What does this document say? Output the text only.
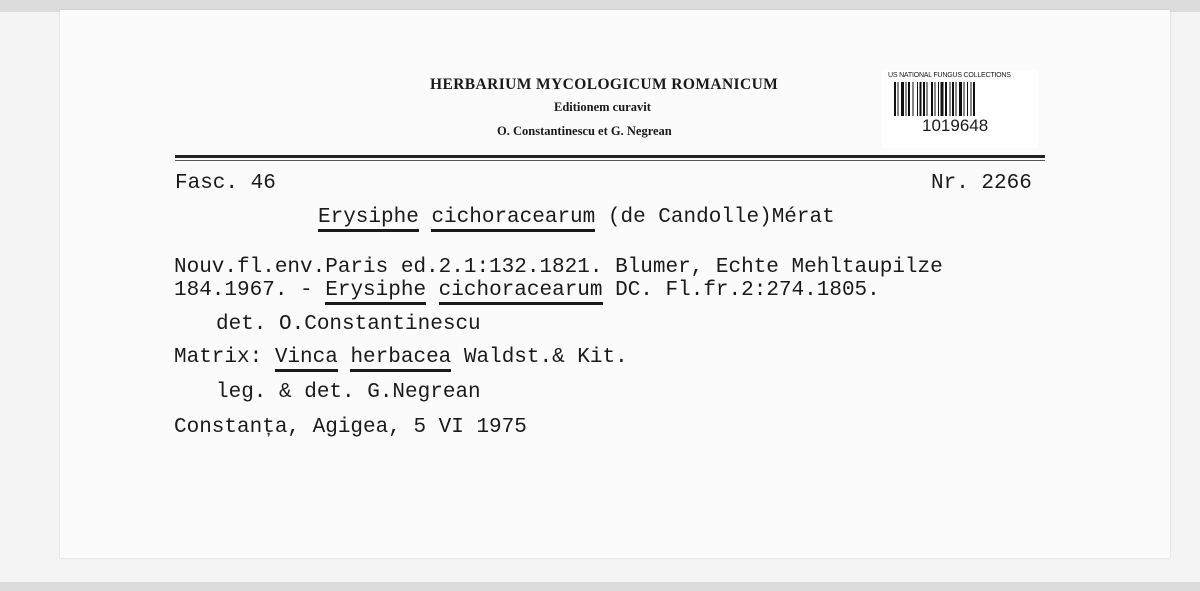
HERBARIUM MYCOLOGICUM ROMANICUM
Editionem curavit
O. Constantinescu et G. Negrean
US NATIONAL FUNGUS COLLECTIONS
1019648
Fasc. 46	Nr. 2266
Erysiphe cichoracearum (de Candolle)Mérat
Nouv.fl.env.Paris ed.2.1:132.1821. Blumer, Echte Mehltaupilze
184.1967. - Erysiphe cichoracearum DC. Fl.fr.2:274.1805.
det. O.Constantinescu
Matrix: Vinca herbacea Waldst.& Kit.
leg. & det. G.Negrean
Constanța, Agigea, 5 VI 1975
